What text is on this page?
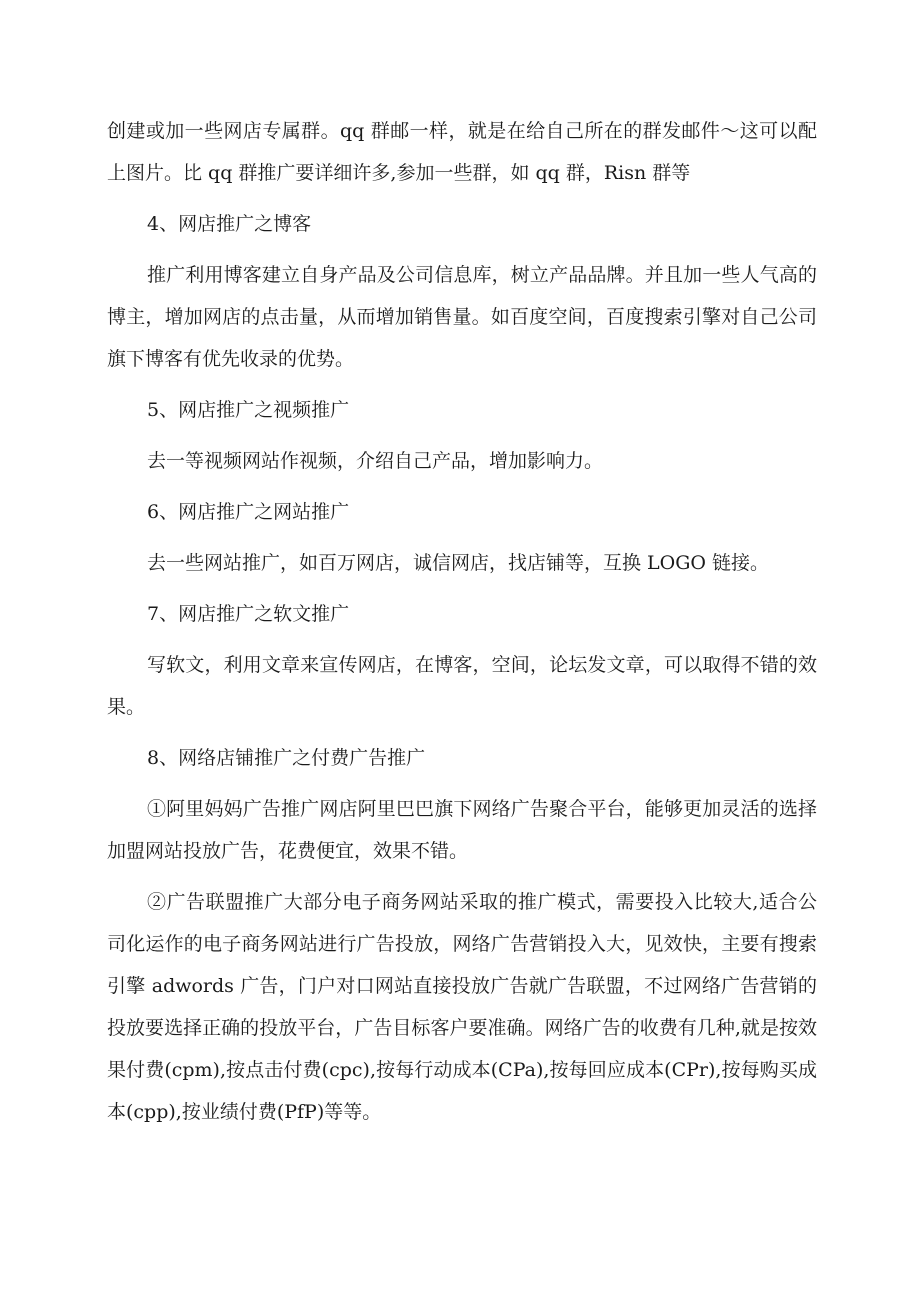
创建或加一些网店专属群。qq 群邮一样，就是在给自己所在的群发邮件～这可以配上图片。比 qq 群推广要详细许多,参加一些群，如 qq 群，Risn 群等

4、网店推广之博客

推广利用博客建立自身产品及公司信息库，树立产品品牌。并且加一些人气高的博主，增加网店的点击量，从而增加销售量。如百度空间，百度搜索引擎对自己公司旗下博客有优先收录的优势。

5、网店推广之视频推广

去一等视频网站作视频，介绍自己产品，增加影响力。

6、网店推广之网站推广

去一些网站推广，如百万网店，诚信网店，找店铺等，互换 LOGO 链接。

7、网店推广之软文推广

写软文，利用文章来宣传网店，在博客，空间，论坛发文章，可以取得不错的效果。

8、网络店铺推广之付费广告推广

①阿里妈妈广告推广网店阿里巴巴旗下网络广告聚合平台，能够更加灵活的选择加盟网站投放广告，花费便宜，效果不错。

②广告联盟推广大部分电子商务网站采取的推广模式，需要投入比较大,适合公司化运作的电子商务网站进行广告投放，网络广告营销投入大，见效快，主要有搜索引擎 adwords 广告，门户对口网站直接投放广告就广告联盟，不过网络广告营销的投放要选择正确的投放平台，广告目标客户要准确。网络广告的收费有几种,就是按效果付费(cpm),按点击付费(cpc),按每行动成本(CPa),按每回应成本(CPr),按每购买成本(cpp),按业绩付费(PfP)等等。
